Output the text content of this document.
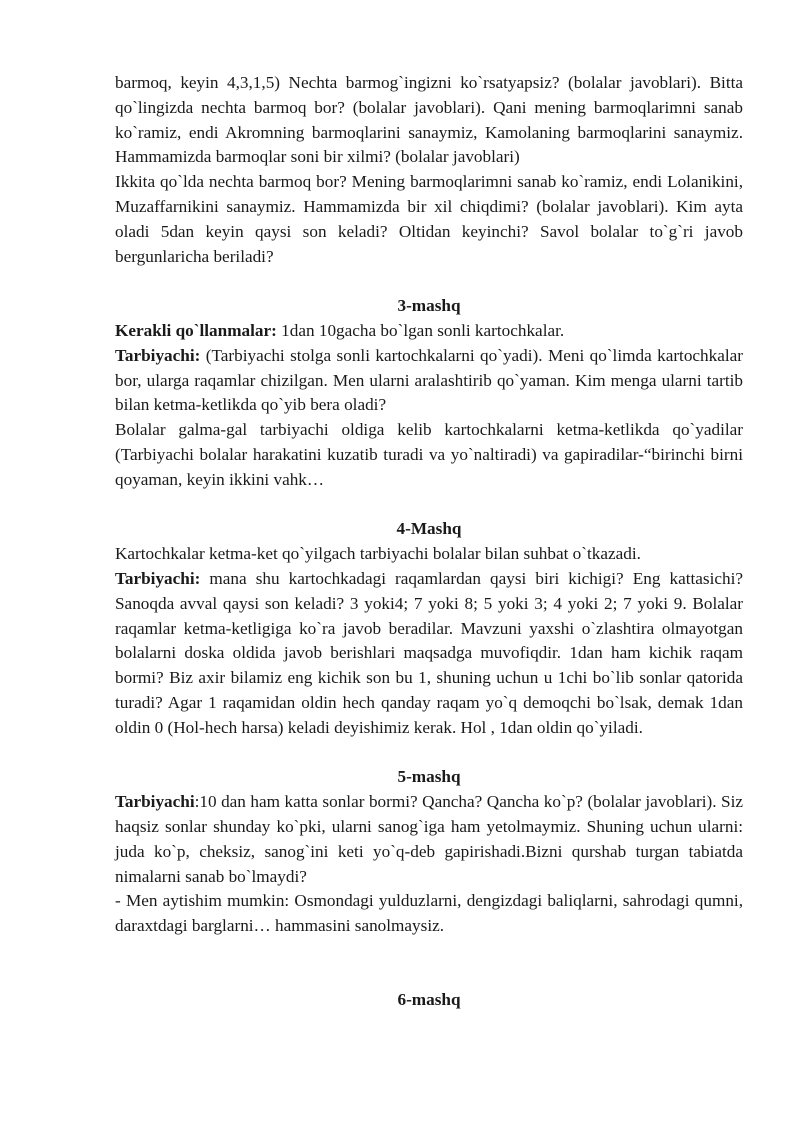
barmoq, keyin 4,3,1,5) Nechta barmog`ingizni ko`rsatyapsiz? (bolalar javoblari). Bitta qo`lingizda nechta barmoq bor? (bolalar javoblari). Qani mening barmoqlarimni sanab ko`ramiz, endi Akromning barmoqlarini sanaymiz, Kamolaning barmoqlarini sanaymiz. Hammamizda barmoqlar soni bir xilmi? (bolalar javoblari)

Ikkita qo`lda nechta barmoq bor? Mening barmoqlarimni sanab ko`ramiz, endi Lolanikini, Muzaffarnikini sanaymiz. Hammamizda bir xil chiqdimi? (bolalar javoblari). Kim ayta oladi 5dan keyin qaysi son keladi? Oltidan keyinchi? Savol bolalar to`g`ri javob bergunlaricha beriladi?

3-mashq

Kerakli qo`llanmalar: 1dan 10gacha bo`lgan sonli kartochkalar.

Tarbiyachi: (Tarbiyachi stolga sonli kartochkalarni qo`yadi). Meni qo`limda kartochkalar bor, ularga raqamlar chizilgan. Men ularni aralashtirib qo`yaman. Kim menga ularni tartib bilan ketma-ketlikda qo`yib bera oladi?

Bolalar galma-gal tarbiyachi oldiga kelib kartochkalarni ketma-ketlikda qo`yadilar (Tarbiyachi bolalar harakatini kuzatib turadi va yo`naltiradi) va gapiradilar-“birinchi birni qoyaman, keyin ikkini vahk…

4-Mashq

Kartochkalar ketma-ket qo`yilgach tarbiyachi bolalar bilan suhbat o`tkazadi.

Tarbiyachi: mana shu kartochkadagi raqamlardan qaysi biri kichigi? Eng kattasichi? Sanoqda avval qaysi son keladi? 3 yoki4; 7 yoki 8; 5 yoki 3; 4 yoki 2; 7 yoki 9. Bolalar raqamlar ketma-ketligiga ko`ra javob beradilar. Mavzuni yaxshi o`zlashtira olmayotgan bolalarni doska oldida javob berishlari maqsadga muvofiqdir. 1dan ham kichik raqam bormi? Biz axir bilamiz eng kichik son bu 1, shuning uchun u 1chi bo`lib sonlar qatorida turadi? Agar 1 raqamidan oldin hech qanday raqam yo`q demoqchi bo`lsak, demak 1dan oldin 0 (Hol-hech harsa) keladi deyishimiz kerak. Hol , 1dan oldin qo`yiladi.

5-mashq

Tarbiyachi:10 dan ham katta sonlar bormi? Qancha? Qancha ko`p? (bolalar javoblari). Siz haqsiz sonlar shunday ko`pki, ularni sanog`iga ham yetolmaymiz. Shuning uchun ularni: juda ko`p, cheksiz, sanog`ini keti yo`q-deb gapirishadi.Bizni qurshab turgan tabiatda nimalarni sanab bo`lmaydi?

- Men aytishim mumkin: Osmondagi yulduzlarni, dengizdagi baliqlarni, sahrodagi qumni, daraxtdagi barglarni… hammasini sanolmaysiz.

6-mashq
